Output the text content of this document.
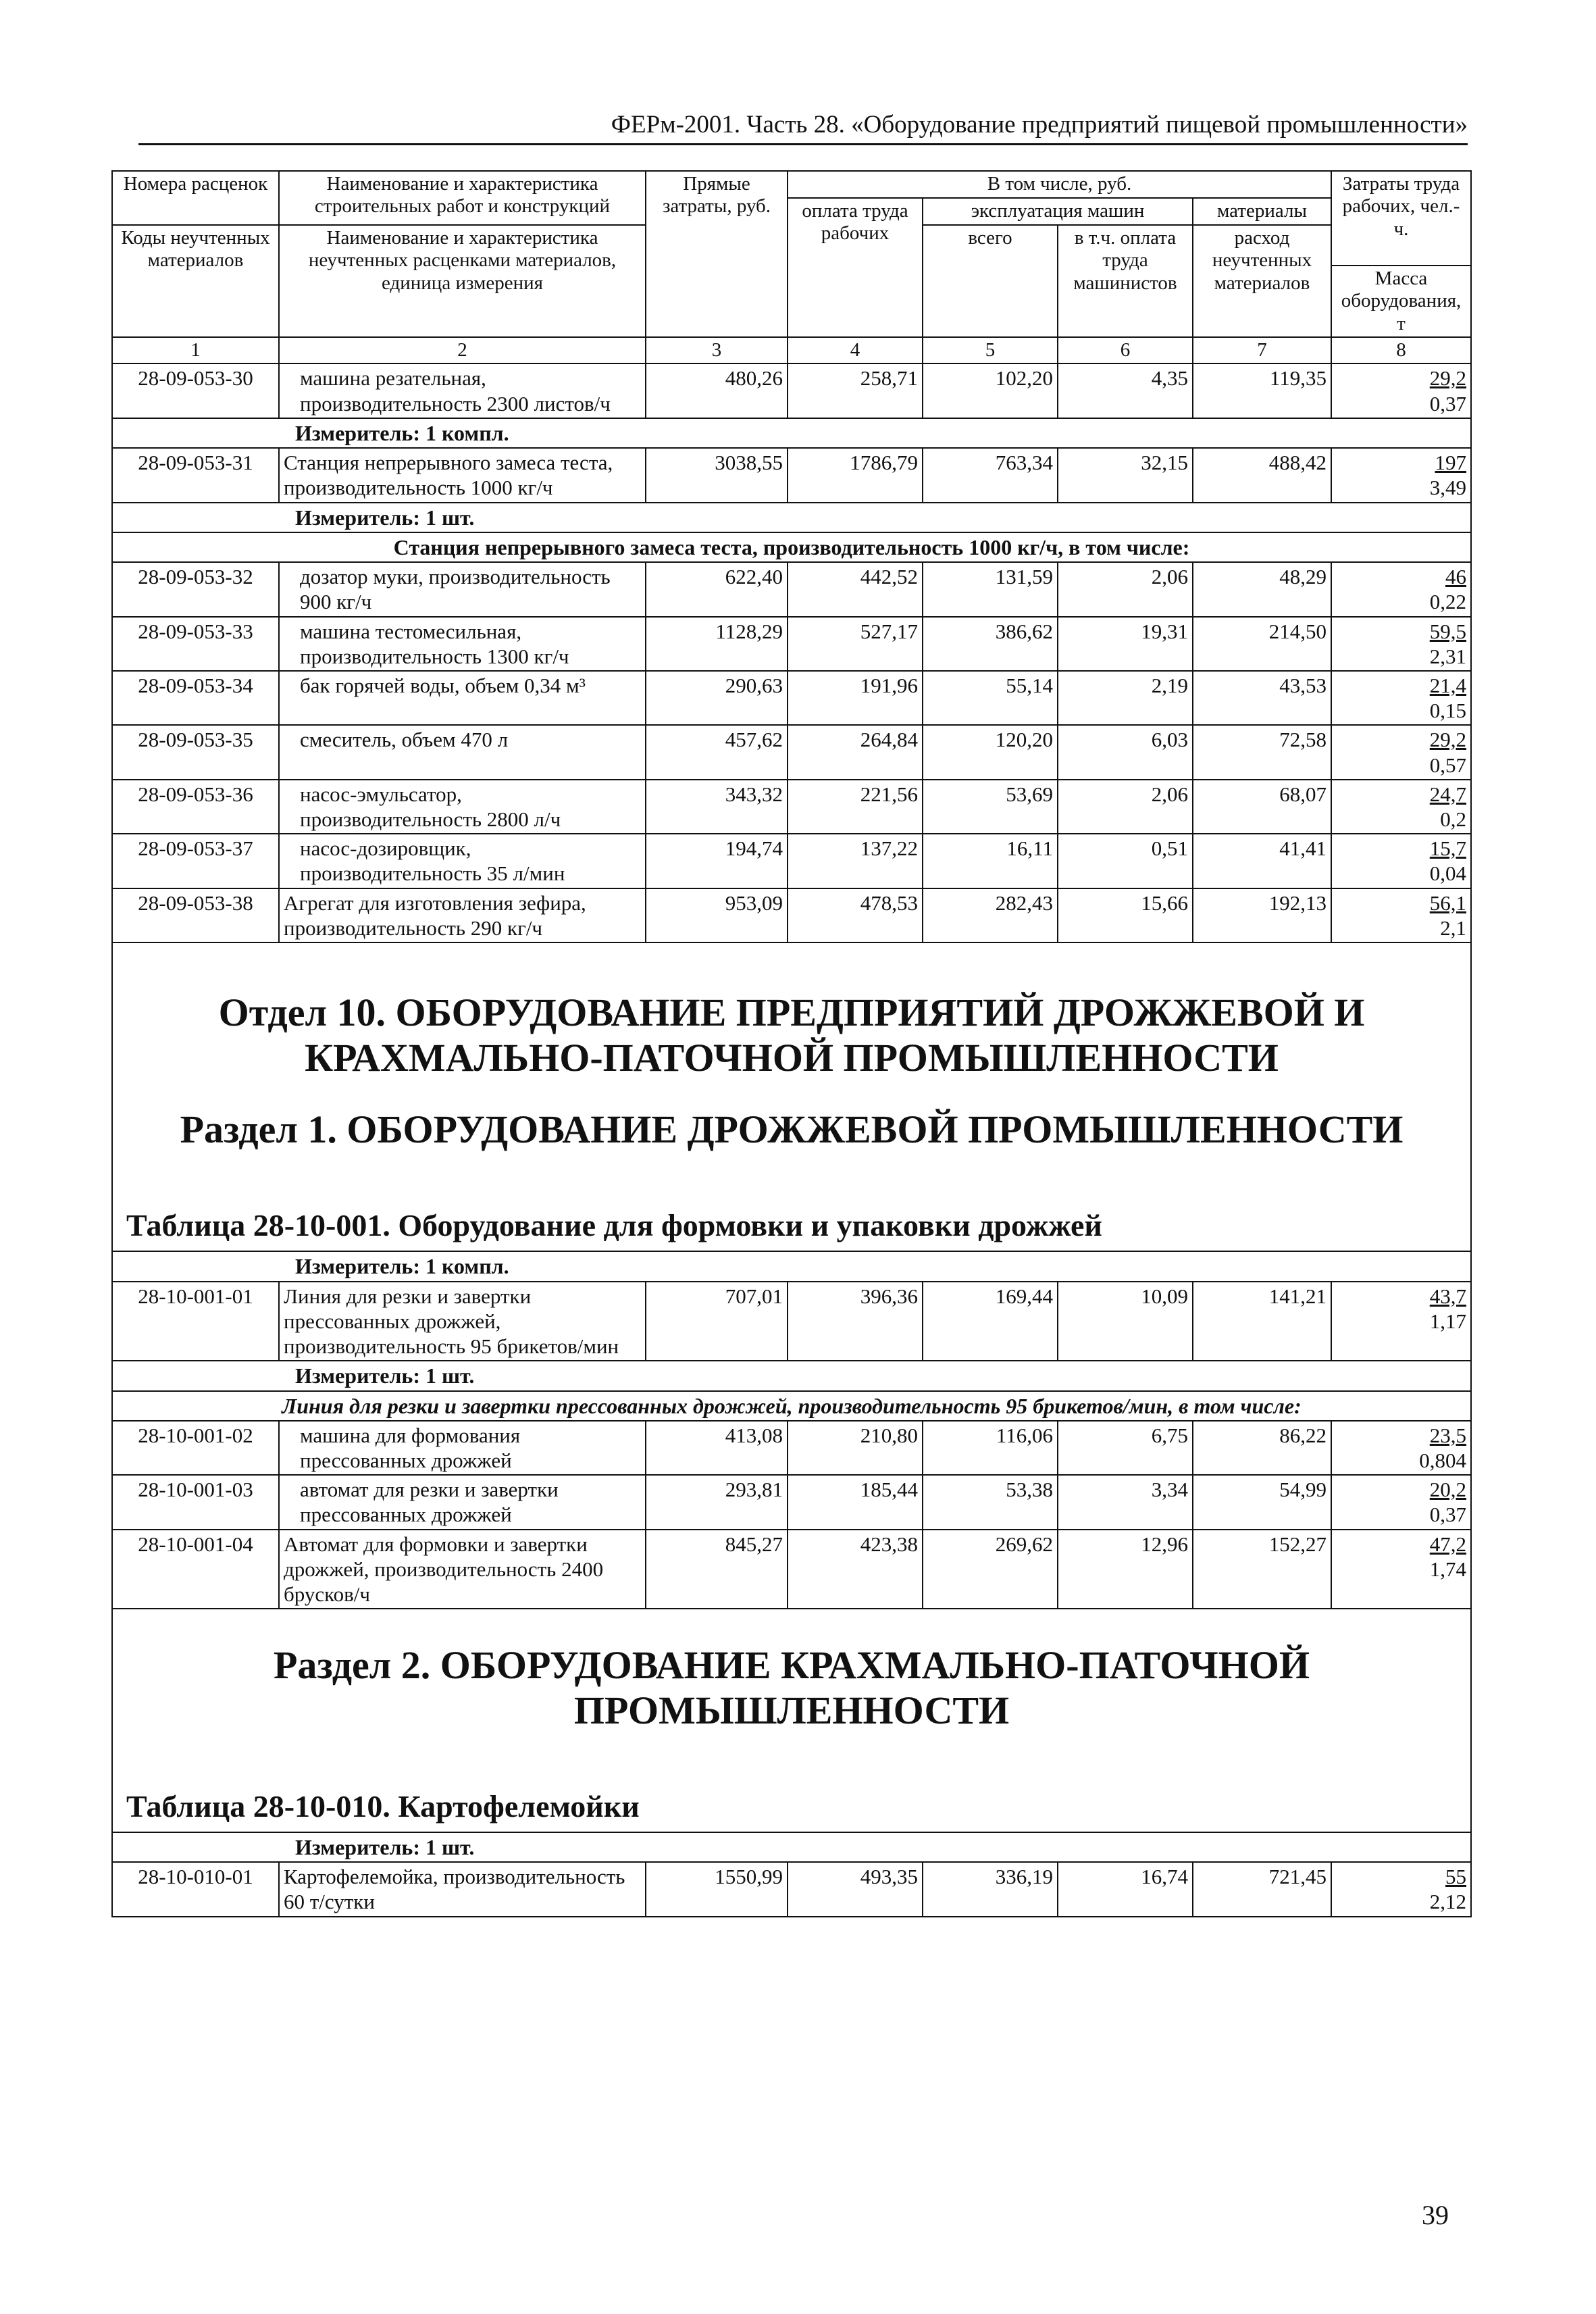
ФЕРм-2001. Часть 28. «Оборудование предприятий пищевой промышленности»
Номера расценок	Наименование и характеристика строительных работ и конструкций	Прямые затраты, руб.	В том числе, руб.				Затраты труда рабочих, чел.-ч.
			оплата труда рабочих	эксплуатация машин		материалы	
Коды неучтенных материалов	Наименование и характеристика неучтенных расценками материалов, единица измерения			всего	в т.ч. оплата труда машинистов	расход неучтенных материалов	
							Масса оборудования, т
1	2	3	4	5	6	7	8
28-09-053-30	машина резательная, производительность 2300 листов/ч	480,26	258,71	102,20	4,35	119,35	29,2
0,37

Измеритель: 1 компл.							
28-09-053-31	Станция непрерывного замеса теста, производительность 1000 кг/ч	3038,55	1786,79	763,34	32,15	488,42	197
3,49

Измеритель: 1 шт.							
Станция непрерывного замеса теста, производительность 1000 кг/ч, в том числе:							
28-09-053-32	дозатор муки, производительность 900 кг/ч	622,40	442,52	131,59	2,06	48,29	46
0,22

28-09-053-33	машина тестомесильная, производительность 1300 кг/ч	1128,29	527,17	386,62	19,31	214,50	59,5
2,31

28-09-053-34	бак горячей воды, объем 0,34 м³	290,63	191,96	55,14	2,19	43,53	21,4
0,15

28-09-053-35	смеситель, объем 470 л	457,62	264,84	120,20	6,03	72,58	29,2
0,57

28-09-053-36	насос-эмульсатор, производительность 2800 л/ч	343,32	221,56	53,69	2,06	68,07	24,7
0,2

28-09-053-37	насос-дозировщик, производительность 35 л/мин	194,74	137,22	16,11	0,51	41,41	15,7
0,04

28-09-053-38	Агрегат для изготовления зефира, производительность 290 кг/ч	953,09	478,53	282,43	15,66	192,13	56,1
2,1

Отдел 10. ОБОРУДОВАНИЕ ПРЕДПРИЯТИЙ ДРОЖЖЕВОЙ И КРАХМАЛЬНО-ПАТОЧНОЙ ПРОМЫШЛЕННОСТИ							
Раздел 1. ОБОРУДОВАНИЕ ДРОЖЖЕВОЙ ПРОМЫШЛЕННОСТИ							
Таблица 28-10-001. Оборудование для формовки и упаковки дрожжей							
Измеритель: 1 компл.							
28-10-001-01	Линия для резки и завертки прессованных дрожжей, производительность 95 брикетов/мин	707,01	396,36	169,44	10,09	141,21	43,7
1,17

Измеритель: 1 шт.							
Линия для резки и завертки прессованных дрожжей, производительность 95 брикетов/мин, в том числе:							
28-10-001-02	машина для формования прессованных дрожжей	413,08	210,80	116,06	6,75	86,22	23,5
0,804

28-10-001-03	автомат для резки и завертки прессованных дрожжей	293,81	185,44	53,38	3,34	54,99	20,2
0,37

28-10-001-04	Автомат для формовки и завертки дрожжей, производительность 2400 брусков/ч	845,27	423,38	269,62	12,96	152,27	47,2
1,74

Раздел 2. ОБОРУДОВАНИЕ КРАХМАЛЬНО-ПАТОЧНОЙ ПРОМЫШЛЕННОСТИ							
Таблица 28-10-010. Картофелемойки							
Измеритель: 1 шт.							
28-10-010-01	Картофелемойка, производительность 60 т/сутки	1550,99	493,35	336,19	16,74	721,45	55
2,12
39
